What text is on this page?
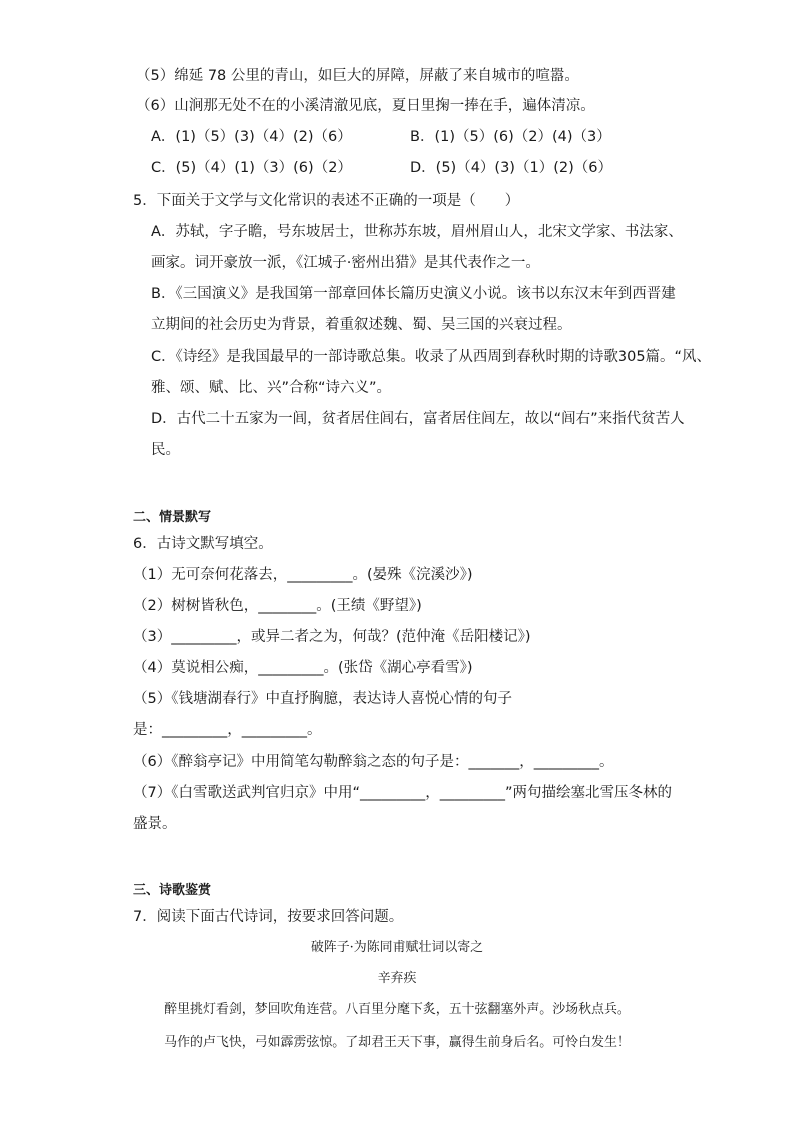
（5）绵延 78 公里的青山，如巨大的屏障，屏蔽了来自城市的喧嚣。
（6）山涧那无处不在的小溪清澈见底，夏日里掬一捧在手，遍体清凉。
A．(1)（5）(3)（4）(2)（6）	B．(1)（5）(6)（2）(4)（3）
C．(5)（4）(1)（3）(6)（2）	D．(5)（4）(3)（1）(2)（6）
5．下面关于文学与文化常识的表述不正确的一项是（　　）
A．苏轼，字子瞻，号东坡居士，世称苏东坡，眉州眉山人，北宋文学家、书法家、
画家。词开豪放一派，《江城子·密州出猎》是其代表作之一。
B．《三国演义》是我国第一部章回体长篇历史演义小说。该书以东汉末年到西晋建
立期间的社会历史为背景，着重叙述魏、蜀、吴三国的兴衰过程。
C．《诗经》是我国最早的一部诗歌总集。收录了从西周到春秋时期的诗歌305篇。“风、
雅、颂、赋、比、兴”合称“诗六义”。
D．古代二十五家为一闾，贫者居住闾右，富者居住闾左，故以“闾右”来指代贫苦人
民。
二、情景默写
6．古诗文默写填空。
（1）无可奈何花落去，_________。(晏殊《浣溪沙》)
（2）树树皆秋色，________。(王绩《野望》)
（3）_________，或异二者之为，何哉？(范仲淹《岳阳楼记》)
（4）莫说相公痴，_________。(张岱《湖心亭看雪》)
（5）《钱塘湖春行》中直抒胸臆，表达诗人喜悦心情的句子
是：_________，_________。
（6）《醉翁亭记》中用简笔勾勒醉翁之态的句子是：_______，_________。
（7）《白雪歌送武判官归京》中用“_________，_________”两句描绘塞北雪压冬林的
盛景。
三、诗歌鉴赏
7．阅读下面古代诗词，按要求回答问题。
破阵子·为陈同甫赋壮词以寄之
辛弃疾
醉里挑灯看剑，梦回吹角连营。八百里分麾下炙，五十弦翻塞外声。沙场秋点兵。
马作的卢飞快，弓如霹雳弦惊。了却君王天下事，赢得生前身后名。可怜白发生！
